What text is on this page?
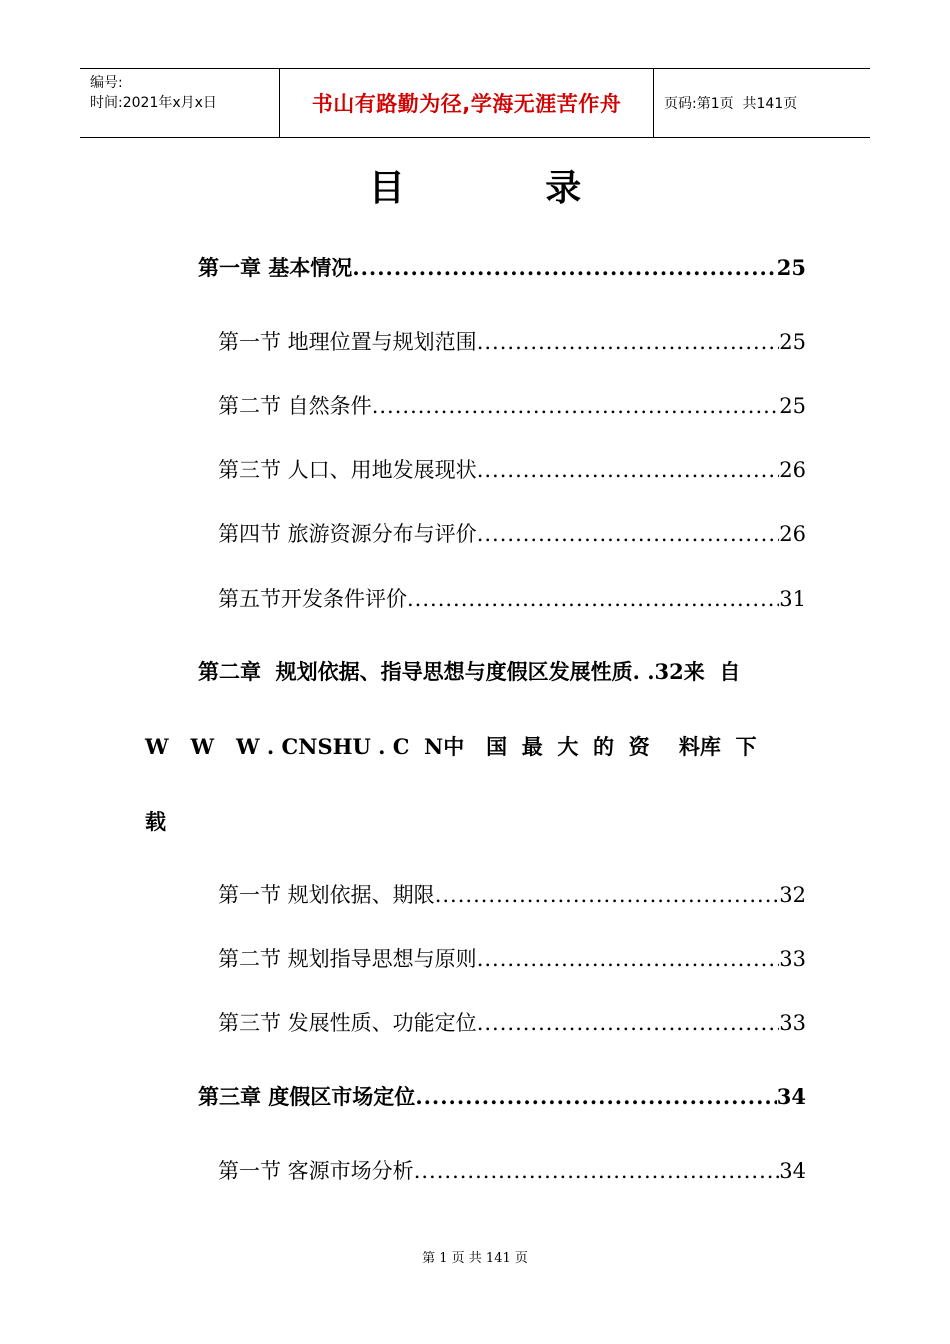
编号:
时间:2021年x月x日	书山有路勤为径,学海无涯苦作舟	页码:第1页  共141页
目 录
第一章 基本情况 .....	25
第一节 地理位置与规划范围 .....	25
第二节 自然条件 .....	25
第三节 人口、用地发展现状 .....	26
第四节 旅游资源分布与评价 .....	26
第五节开发条件评价 .....	31
第二章  规划依据、指导思想与度假区发展性质. .32来  自
W   W   W . CNSHU . C  N中   国  最  大  的  资    料库  下
载
第一节 规划依据、期限 .....	32
第二节 规划指导思想与原则 .....	33
第三节 发展性质、功能定位 .....	33
第三章 度假区市场定位 .....	34
第一节 客源市场分析 .....	34
第 1 页 共 141 页
